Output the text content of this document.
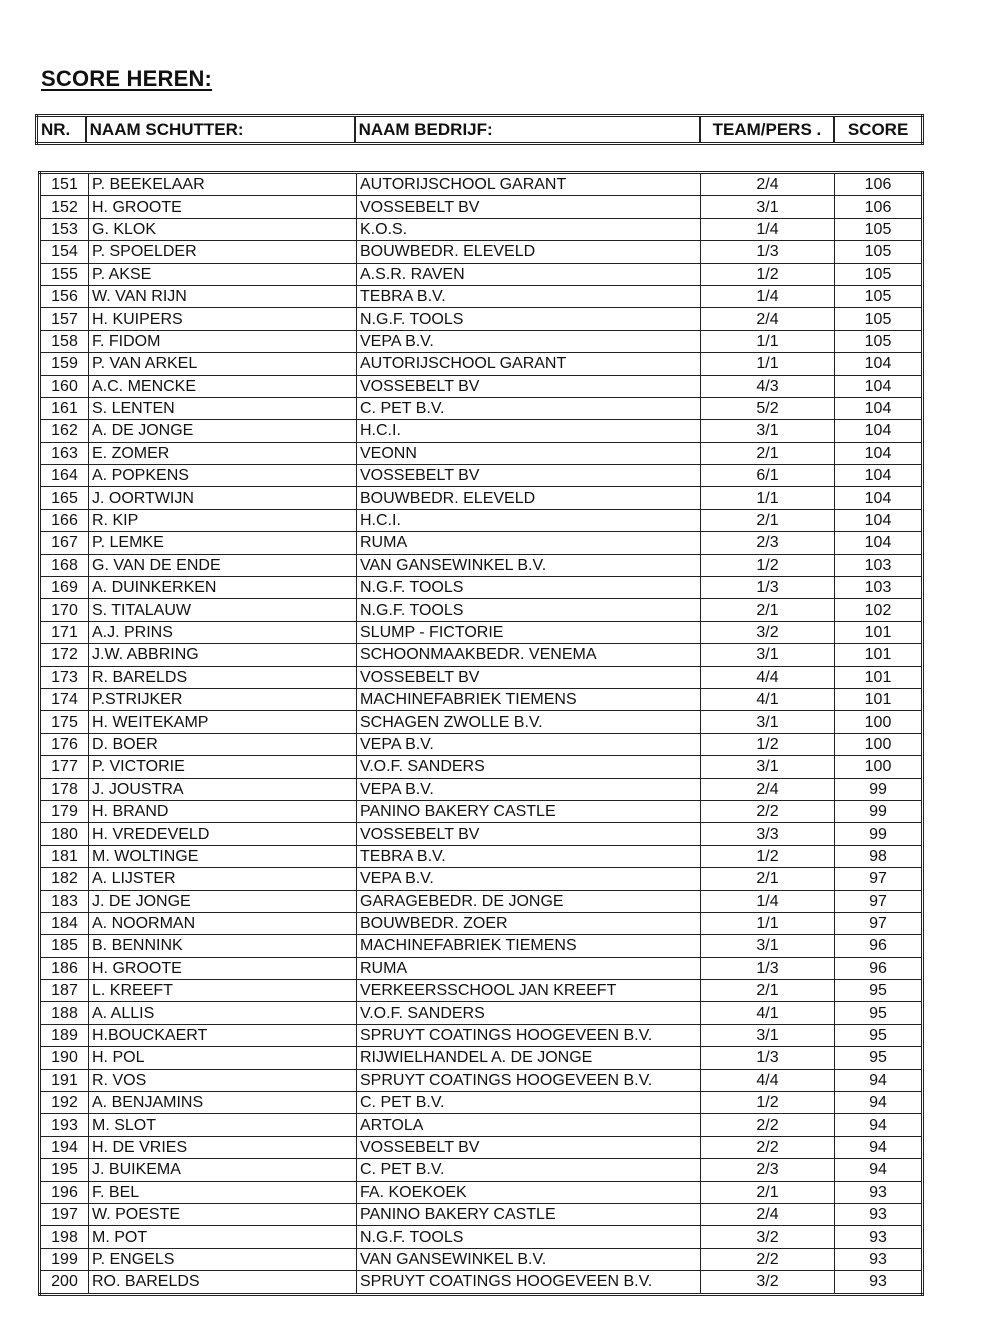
SCORE HEREN:
NR.	NAAM SCHUTTER:	NAAM BEDRIJF:	TEAM/PERS .	SCORE
151	P. BEEKELAAR	AUTORIJSCHOOL GARANT	2/4	106
152	H. GROOTE	VOSSEBELT BV	3/1	106
153	G. KLOK	K.O.S.	1/4	105
154	P. SPOELDER	BOUWBEDR. ELEVELD	1/3	105
155	P. AKSE	A.S.R. RAVEN	1/2	105
156	W. VAN RIJN	TEBRA B.V.	1/4	105
157	H. KUIPERS	N.G.F. TOOLS	2/4	105
158	F. FIDOM	VEPA B.V.	1/1	105
159	P. VAN ARKEL	AUTORIJSCHOOL GARANT	1/1	104
160	A.C. MENCKE	VOSSEBELT BV	4/3	104
161	S. LENTEN	C. PET B.V.	5/2	104
162	A. DE JONGE	H.C.I.	3/1	104
163	E. ZOMER	VEONN	2/1	104
164	A. POPKENS	VOSSEBELT BV	6/1	104
165	J. OORTWIJN	BOUWBEDR. ELEVELD	1/1	104
166	R. KIP	H.C.I.	2/1	104
167	P. LEMKE	RUMA	2/3	104
168	G. VAN DE ENDE	VAN GANSEWINKEL B.V.	1/2	103
169	A. DUINKERKEN	N.G.F. TOOLS	1/3	103
170	S. TITALAUW	N.G.F. TOOLS	2/1	102
171	A.J. PRINS	SLUMP - FICTORIE	3/2	101
172	J.W. ABBRING	SCHOONMAAKBEDR. VENEMA	3/1	101
173	R. BARELDS	VOSSEBELT BV	4/4	101
174	P.STRIJKER	MACHINEFABRIEK TIEMENS	4/1	101
175	H. WEITEKAMP	SCHAGEN ZWOLLE B.V.	3/1	100
176	D. BOER	VEPA B.V.	1/2	100
177	P. VICTORIE	V.O.F. SANDERS	3/1	100
178	J. JOUSTRA	VEPA B.V.	2/4	99
179	H. BRAND	PANINO BAKERY CASTLE	2/2	99
180	H. VREDEVELD	VOSSEBELT BV	3/3	99
181	M. WOLTINGE	TEBRA B.V.	1/2	98
182	A. LIJSTER	VEPA B.V.	2/1	97
183	J. DE JONGE	GARAGEBEDR. DE JONGE	1/4	97
184	A. NOORMAN	BOUWBEDR. ZOER	1/1	97
185	B. BENNINK	MACHINEFABRIEK TIEMENS	3/1	96
186	H. GROOTE	RUMA	1/3	96
187	L. KREEFT	VERKEERSSCHOOL JAN KREEFT	2/1	95
188	A. ALLIS	V.O.F. SANDERS	4/1	95
189	H.BOUCKAERT	SPRUYT COATINGS HOOGEVEEN B.V.	3/1	95
190	H. POL	RIJWIELHANDEL A. DE JONGE	1/3	95
191	R. VOS	SPRUYT COATINGS HOOGEVEEN B.V.	4/4	94
192	A. BENJAMINS	C. PET B.V.	1/2	94
193	M. SLOT	ARTOLA	2/2	94
194	H. DE VRIES	VOSSEBELT BV	2/2	94
195	J. BUIKEMA	C. PET B.V.	2/3	94
196	F. BEL	FA. KOEKOEK	2/1	93
197	W. POESTE	PANINO BAKERY CASTLE	2/4	93
198	M. POT	N.G.F. TOOLS	3/2	93
199	P. ENGELS	VAN GANSEWINKEL B.V.	2/2	93
200	RO. BARELDS	SPRUYT COATINGS HOOGEVEEN B.V.	3/2	93
